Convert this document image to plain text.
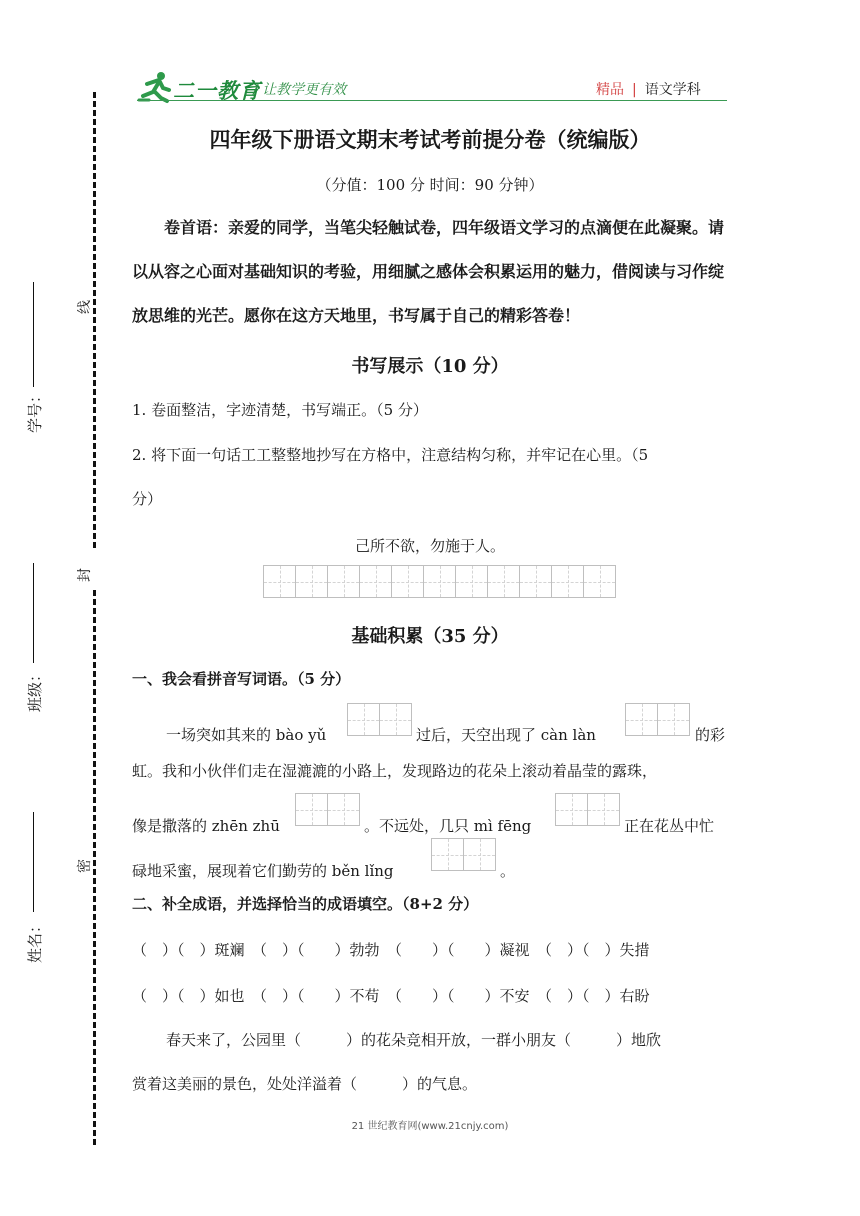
二一教育
/ 让教学更有效	精品 | 语文学科
四年级下册语文期末考试考前提分卷（统编版）
（分值：100 分 时间：90 分钟）
卷首语：亲爱的同学，当笔尖轻触试卷，四年级语文学习的点滴便在此凝聚。请以从容之心面对基础知识的考验，用细腻之感体会积累运用的魅力，借阅读与习作绽放思维的光芒。愿你在这方天地里，书写属于自己的精彩答卷！
书写展示（10 分）
1. 卷面整洁，字迹清楚，书写端正。（5 分）
2. 将下面一句话工工整整地抄写在方格中，注意结构匀称，并牢记在心里。（5
分）
己所不欲，勿施于人。
基础积累（35 分）
一、我会看拼音写词语。（5 分）
一场突如其来的 bào yǔ	过后，天空出现了 càn làn	的彩
虹。我和小伙伴们走在湿漉漉的小路上，发现路边的花朵上滚动着晶莹的露珠，
像是撒落的 zhēn zhū	。不远处，几只 mì fēng	正在花丛中忙
碌地采蜜，展现着它们勤劳的 běn lǐng	。
二、补全成语，并选择恰当的成语填空。（8+2 分）
（　）（　）斑斓　（　）（　　）勃勃　（　　）（　　）凝视　（　）（　）失措
（　）（　）如也　（　）（　　）不苟　（　　）（　　）不安　（　）（　）右盼
春天来了，公园里（　　　）的花朵竞相开放，一群小朋友（　　　）地欣
赏着这美丽的景色，处处洋溢着（　　　）的气息。
线
封
密
学号：
班级：
姓名：
21 世纪教育网(www.21cnjy.com)
